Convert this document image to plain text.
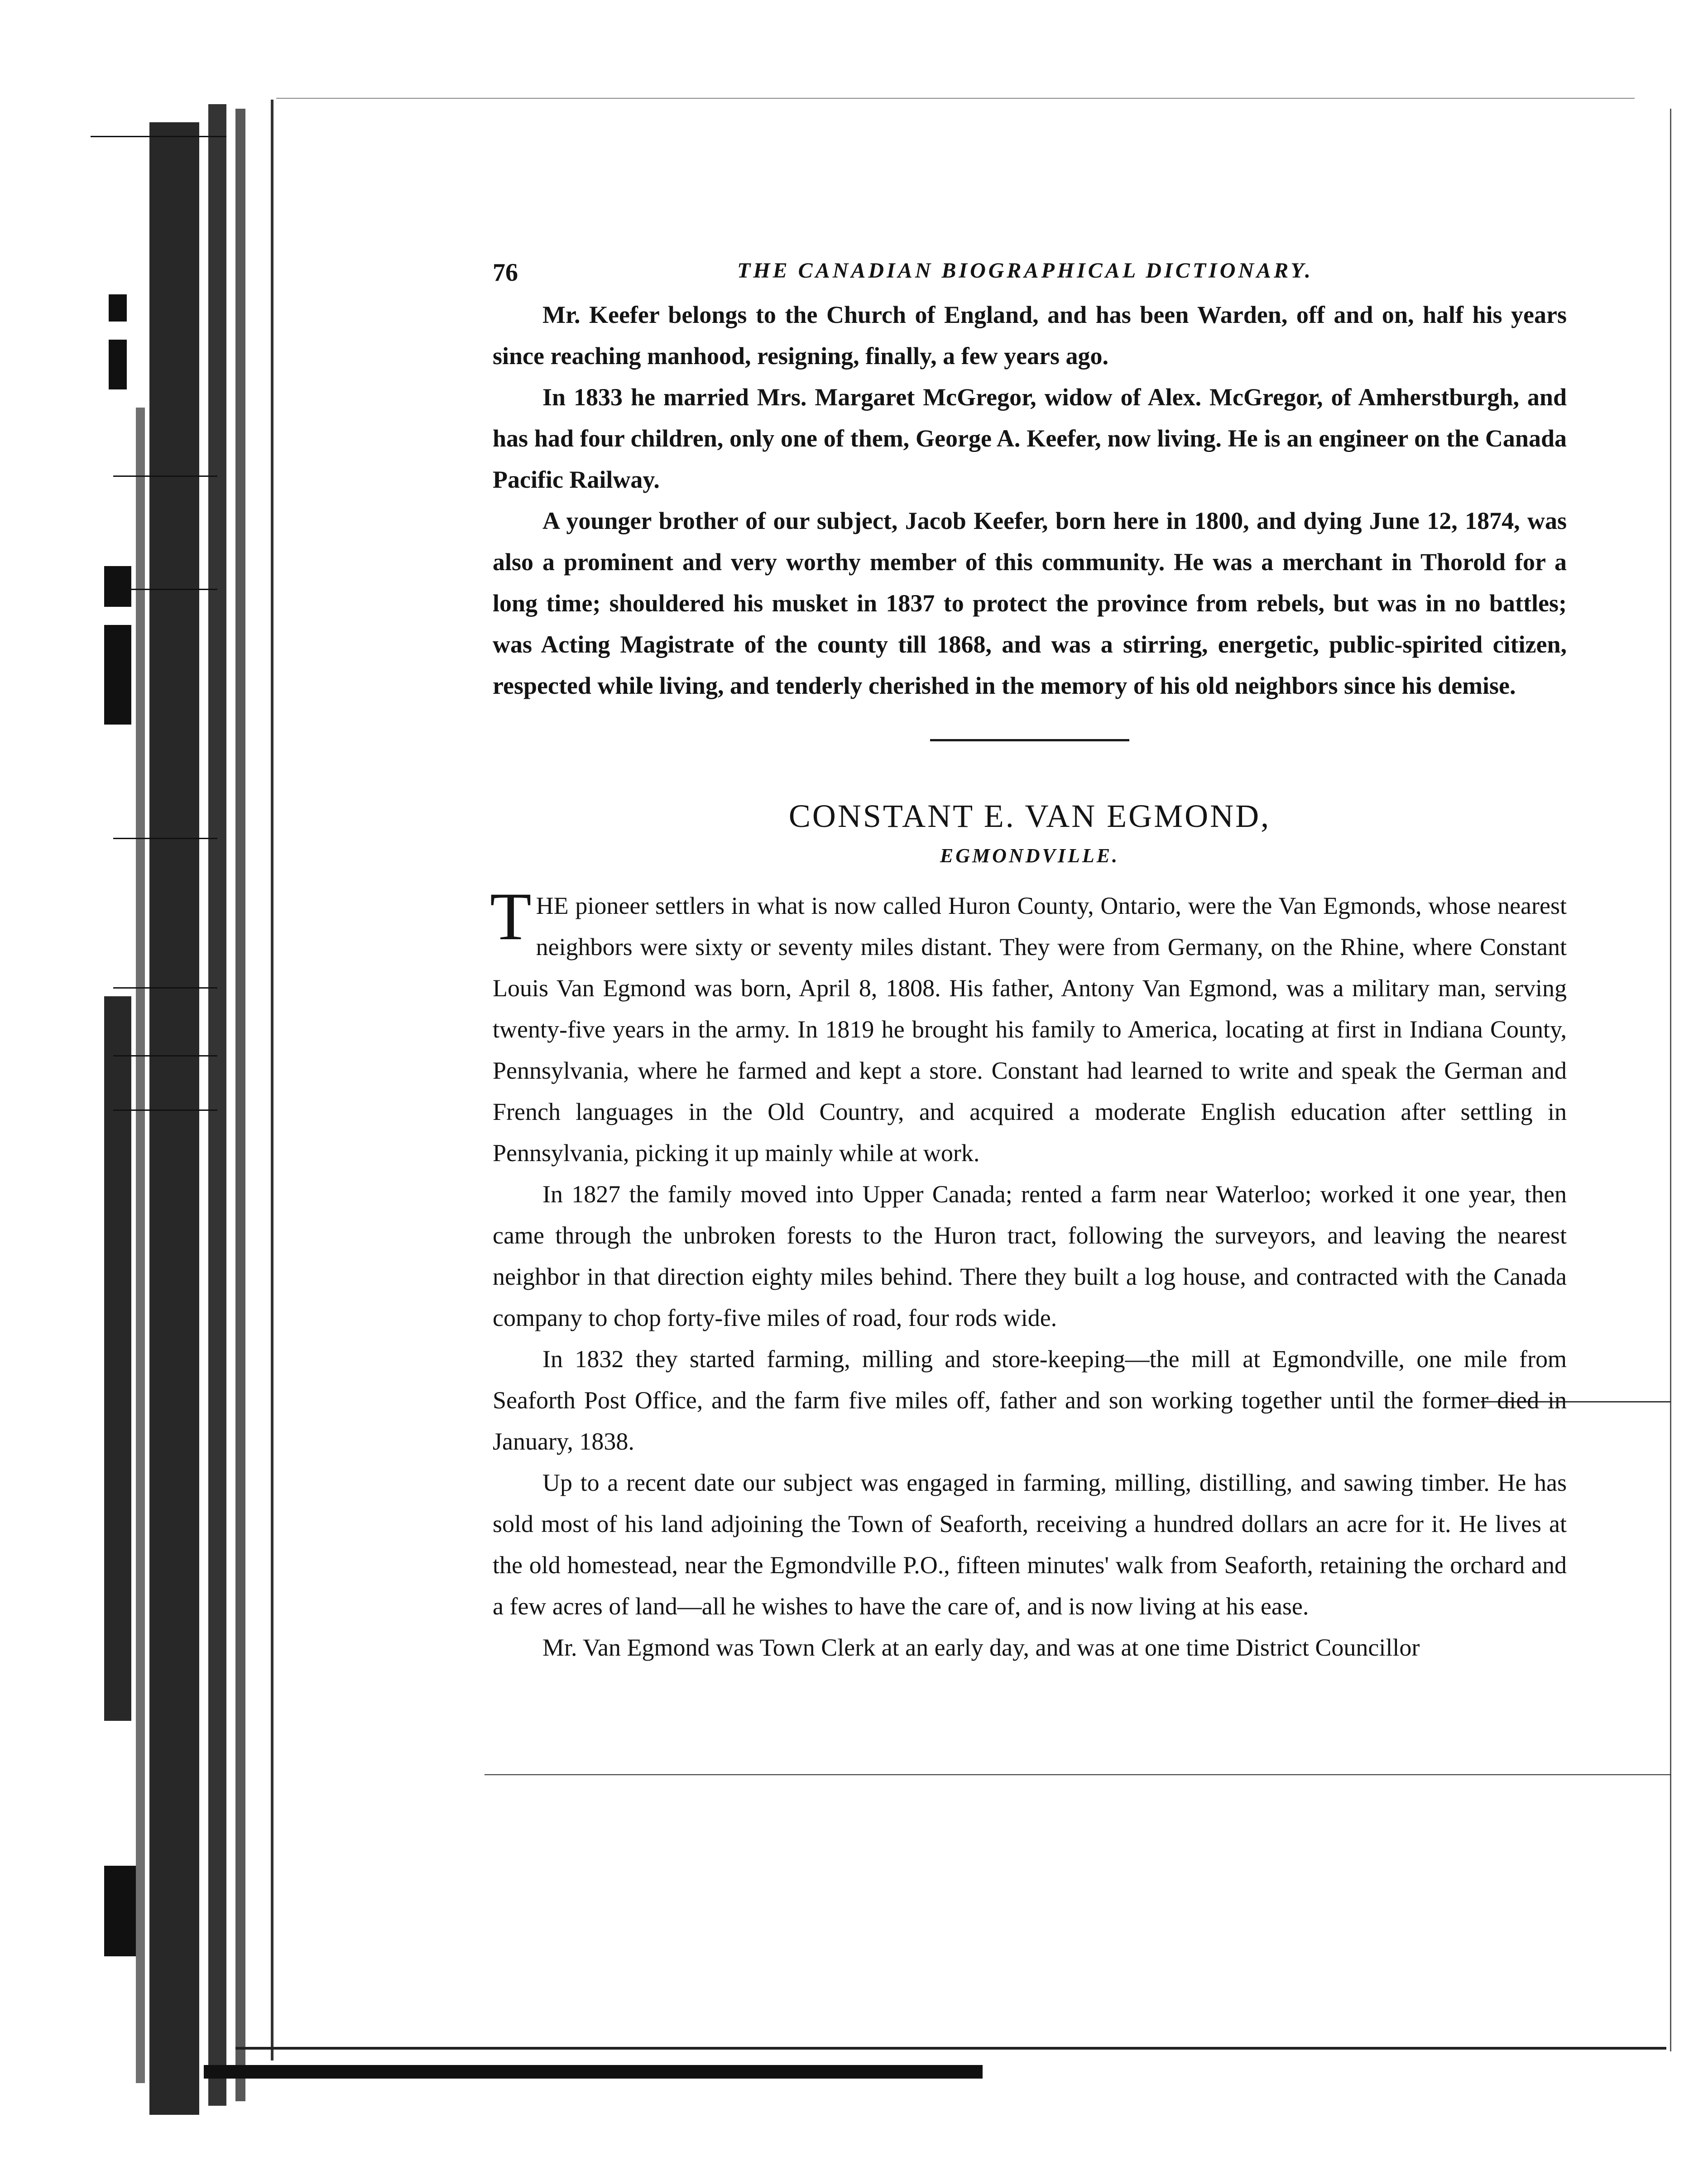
76	THE CANADIAN BIOGRAPHICAL DICTIONARY.

Mr. Keefer belongs to the Church of England, and has been Warden, off and on, half his years since reaching manhood, resigning, finally, a few years ago.

In 1833 he married Mrs. Margaret McGregor, widow of Alex. McGregor, of Amherstburgh, and has had four children, only one of them, George A. Keefer, now living. He is an engineer on the Canada Pacific Railway.

A younger brother of our subject, Jacob Keefer, born here in 1800, and dying June 12, 1874, was also a prominent and very worthy member of this community. He was a merchant in Thorold for a long time; shouldered his musket in 1837 to protect the province from rebels, but was in no battles; was Acting Magistrate of the county till 1868, and was a stirring, energetic, public-spirited citizen, respected while living, and tenderly cherished in the memory of his old neighbors since his demise.

CONSTANT E. VAN EGMOND,
EGMONDVILLE.

THE pioneer settlers in what is now called Huron County, Ontario, were the Van Egmonds, whose nearest neighbors were sixty or seventy miles distant. They were from Germany, on the Rhine, where Constant Louis Van Egmond was born, April 8, 1808. His father, Antony Van Egmond, was a military man, serving twenty-five years in the army. In 1819 he brought his family to America, locating at first in Indiana County, Pennsylvania, where he farmed and kept a store. Constant had learned to write and speak the German and French languages in the Old Country, and acquired a moderate English education after settling in Pennsylvania, picking it up mainly while at work.

In 1827 the family moved into Upper Canada; rented a farm near Waterloo; worked it one year, then came through the unbroken forests to the Huron tract, following the surveyors, and leaving the nearest neighbor in that direction eighty miles behind. There they built a log house, and contracted with the Canada company to chop forty-five miles of road, four rods wide.

In 1832 they started farming, milling and store-keeping—the mill at Egmondville, one mile from Seaforth Post Office, and the farm five miles off, father and son working together until the former died in January, 1838.

Up to a recent date our subject was engaged in farming, milling, distilling, and sawing timber. He has sold most of his land adjoining the Town of Seaforth, receiving a hundred dollars an acre for it. He lives at the old homestead, near the Egmondville P.O., fifteen minutes' walk from Seaforth, retaining the orchard and a few acres of land—all he wishes to have the care of, and is now living at his ease.

Mr. Van Egmond was Town Clerk at an early day, and was at one time District Councillor
